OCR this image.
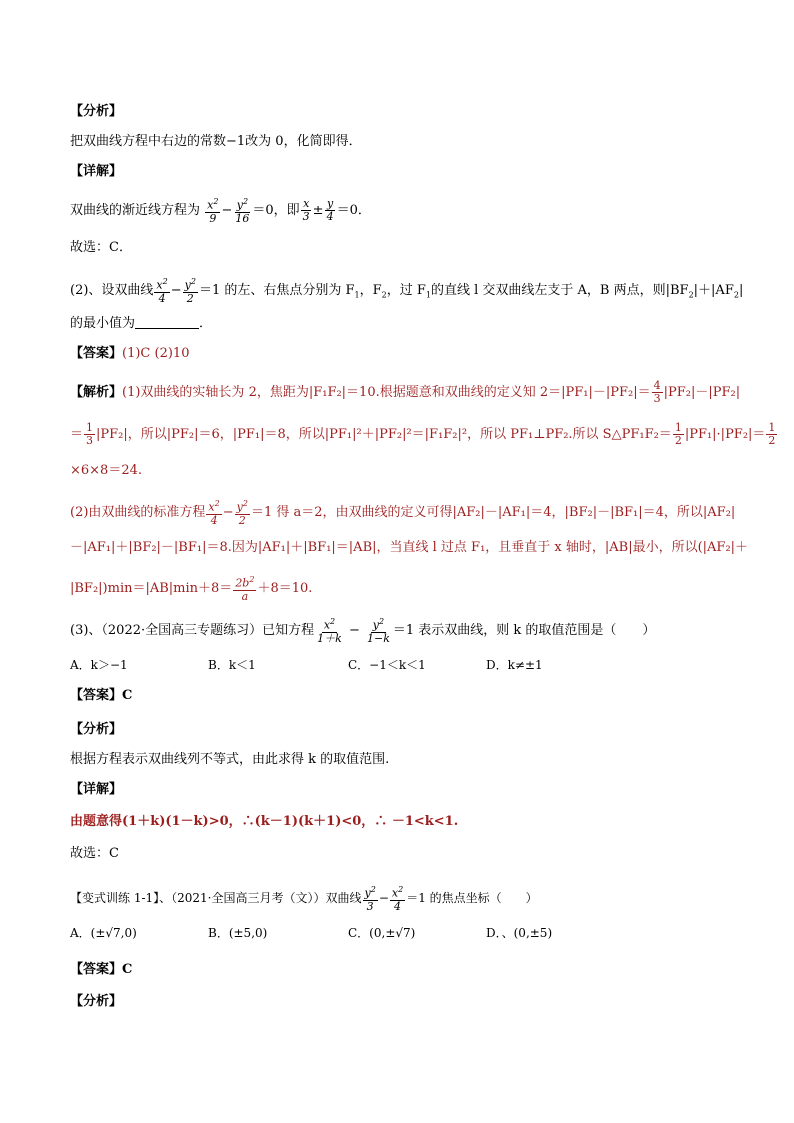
【分析】
把双曲线方程中右边的常数−1改为 0，化简即得．
【详解】
双曲线的渐近线方程为 $\frac{x^2}{9} - \frac{y^2}{16} =0$，即 $\frac{x}{3} \pm \frac{y}{4} =0$．
故选：C．
(2)、设双曲线 $\frac{x^2}{4} - \frac{y^2}{2} =1$ 的左、右焦点分别为 $F_1$，$F_2$，过 $F_1$的直线 l 交双曲线左支于 A，B 两点，则$|BF_2|+|AF_2|$
的最小值为	．
【答案】(1)C (2)10
【解析】(1)双曲线的实轴长为 2，焦距为|F₁F₂|＝10.根据题意和双曲线的定义知 $2=|PF_1|-|PF_2|= \frac{4}{3} |PF_2|-|PF_2|$
＝ $\frac{1}{3} |PF_2|$，所以|PF₂|＝6，|PF₁|＝8，所以|PF₁|²＋|PF₂|²＝|F₁F₂|²，所以 PF₁⊥PF₂.所以 S△PF₁F₂＝ $\frac{1}{2} |PF_1|\cdot|PF_2|= \frac{1}{2}$
×6×8＝24.
(2)由双曲线的标准方程 $\frac{x^2}{4} - \frac{y^2}{2} =1$ 得 a＝2，由双曲线的定义可得|AF₂|－|AF₁|＝4，|BF₂|－|BF₁|＝4，所以|AF₂|
－|AF₁|＋|BF₂|－|BF₁|＝8.因为|AF₁|＋|BF₁|＝|AB|，当直线 l 过点 F₁，且垂直于 x 轴时，|AB|最小，所以(|AF₂|＋
$|BF_2|)\min=|AB|\min+8= \frac{2b^2}{a} +8=10$.
(3)、（2022·全国高三专题练习）已知方程 $\frac{x^2}{1+k} - \frac{y^2}{1-k} =1$ 表示双曲线，则 k 的取值范围是（　　）
A．k＞−1	B．k＜1	C．−1＜k＜1	D．k≠±1
【答案】C
【分析】
根据方程表示双曲线列不等式，由此求得 k 的取值范围.
【详解】
由题意得(1＋k)(1－k)>0，∴(k－1)(k＋1)<0，∴ －1<k<1.
故选：C
【变式训练 1-1】、（2021·全国高三月考（文））双曲线 $\frac{y^2}{3} - \frac{x^2}{4} =1$ 的焦点坐标（　　）
A．(±√7,0)	B．(±5,0)	C．(0,±√7)	D．、(0,±5)
【答案】C
【分析】
